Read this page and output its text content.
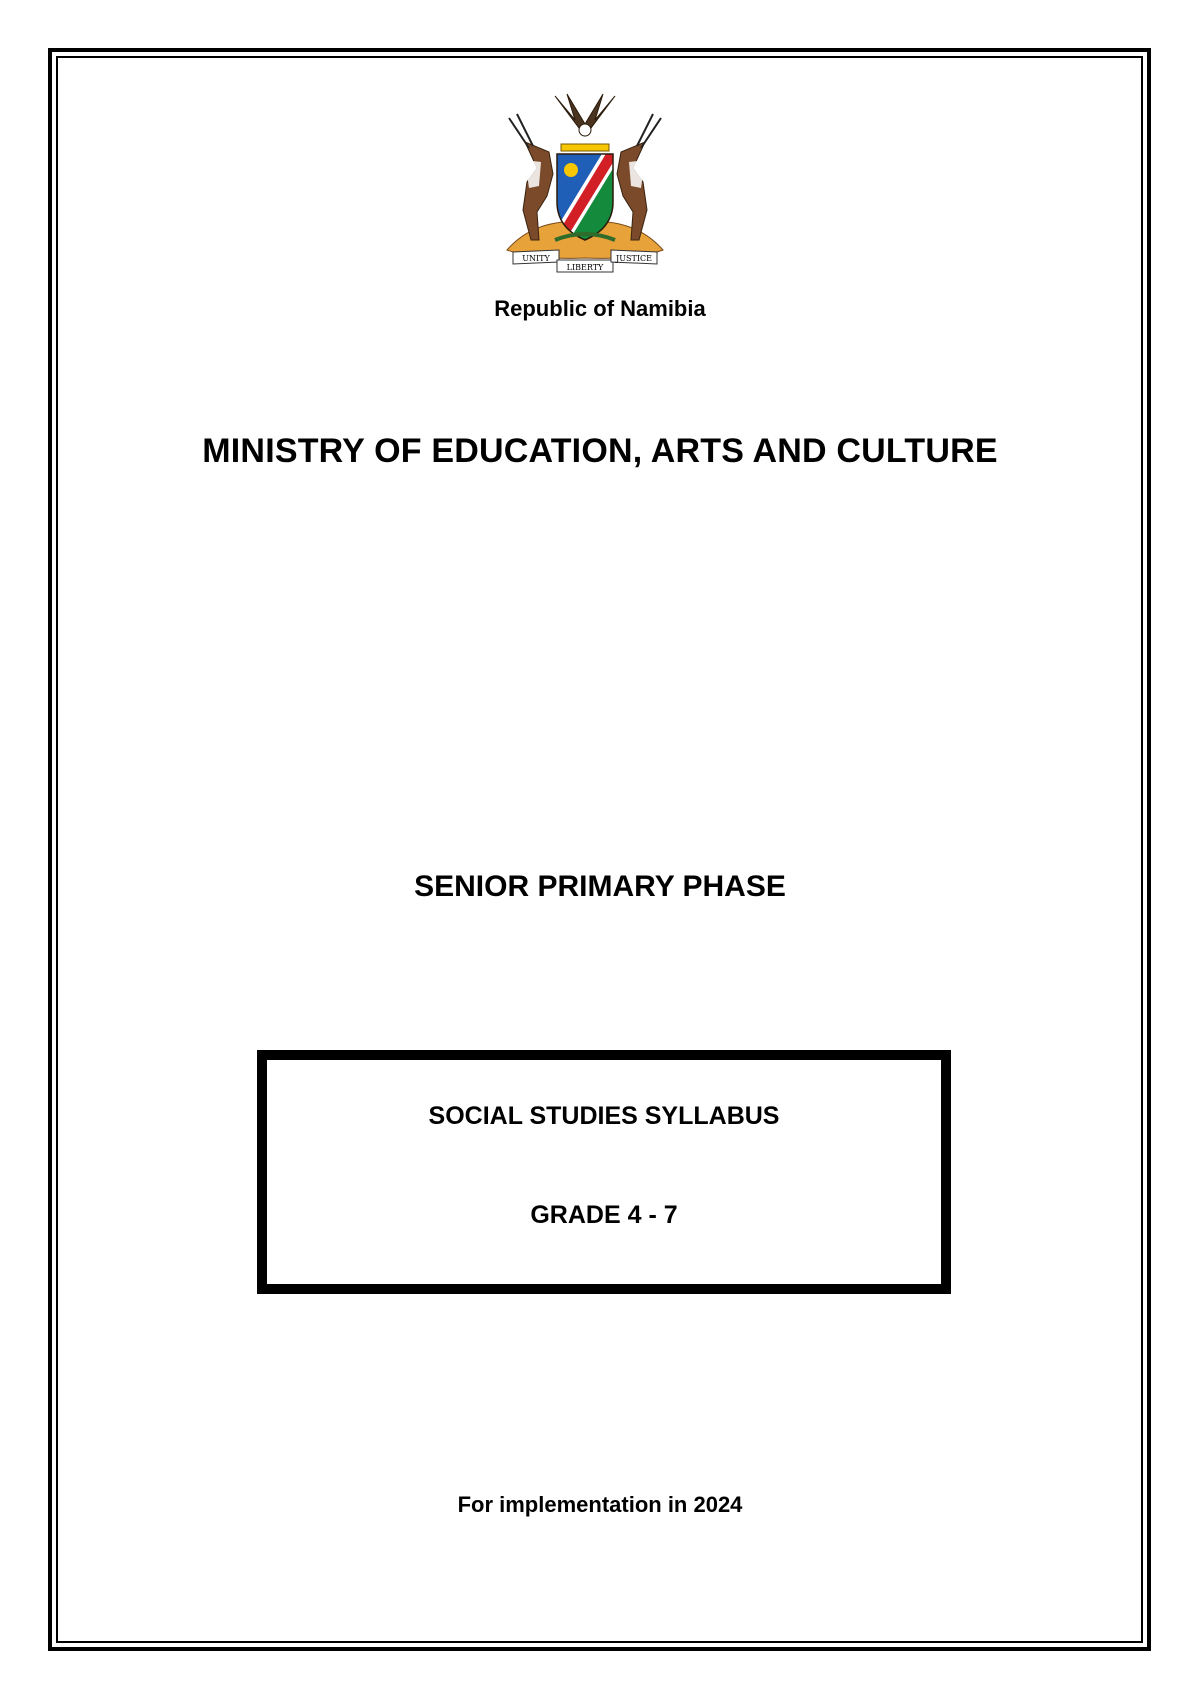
UNITY
LIBERTY
JUSTICE
Republic of Namibia
MINISTRY OF EDUCATION, ARTS AND CULTURE
SENIOR PRIMARY PHASE
SOCIAL STUDIES SYLLABUS
GRADE 4 - 7
For implementation in 2024
